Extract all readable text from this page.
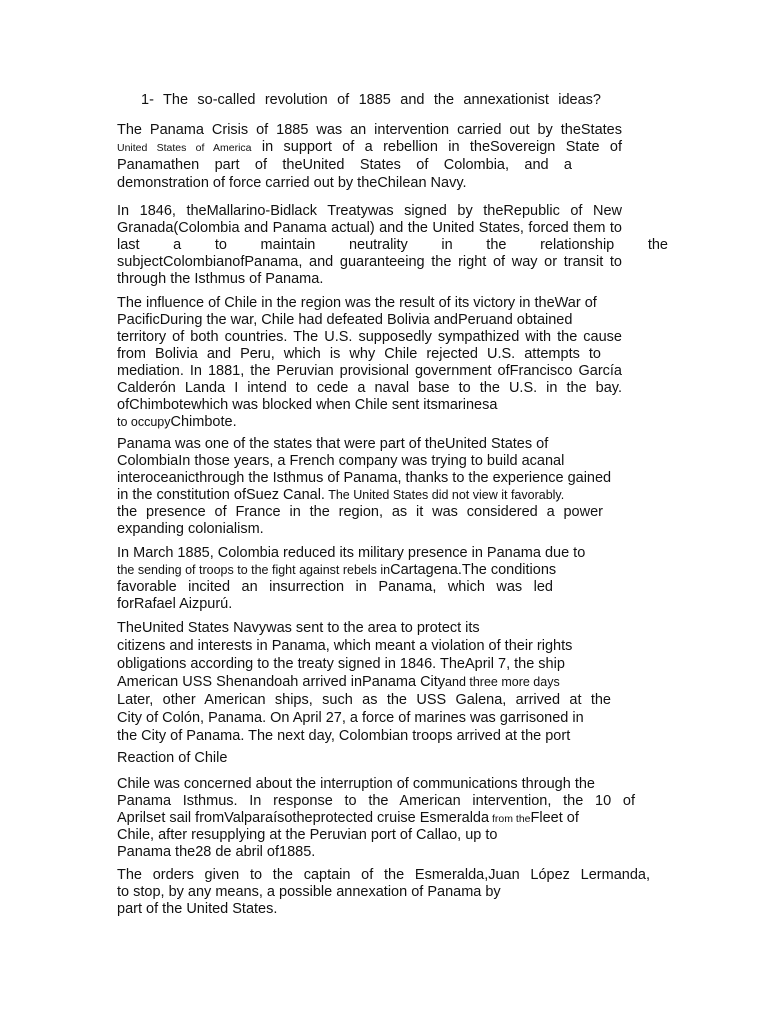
1- The so-called revolution of 1885 and the annexationist ideas?
The Panama Crisis of 1885 was an intervention carried out by theStates
United States of America in support of a rebellion in theSovereign State of
Panamathen part of theUnited States of Colombia, and a
demonstration of force carried out by theChilean Navy.
In 1846, theMallarino-Bidlack Treatywas signed by theRepublic of New
Granada(Colombia and Panama actual) and the United States, forced them to
last a to maintain neutrality in the relationship the
subjectColombianofPanama, and guaranteeing the right of way or transit to
through the Isthmus of Panama.
The influence of Chile in the region was the result of its victory in theWar of
PacificDuring the war, Chile had defeated Bolivia andPeruand obtained
territory of both countries. The U.S. supposedly sympathized with the cause
from Bolivia and Peru, which is why Chile rejected U.S. attempts to
mediation. In 1881, the Peruvian provisional government ofFrancisco García
Calderón Landa I intend to cede a naval base to the U.S. in the bay.
ofChimbotewhich was blocked when Chile sent itsmarinesa
to occupyChimbote.
Panama was one of the states that were part of theUnited States of
ColombiaIn those years, a French company was trying to build acanal
interoceanicthrough the Isthmus of Panama, thanks to the experience gained
in the constitution ofSuez Canal. The United States did not view it favorably.
the presence of France in the region, as it was considered a power
expanding colonialism.
In March 1885, Colombia reduced its military presence in Panama due to
the sending of troops to the fight against rebels inCartagena.The conditions
favorable incited an insurrection in Panama, which was led
forRafael Aizpurú.
TheUnited States Navywas sent to the area to protect its
citizens and interests in Panama, which meant a violation of their rights
obligations according to the treaty signed in 1846. TheApril 7, the ship
American USS Shenandoah arrived inPanama Cityand three more days
Later, other American ships, such as the USS Galena, arrived at the
City of Colón, Panama. On April 27, a force of marines was garrisoned in
the City of Panama. The next day, Colombian troops arrived at the port
Reaction of Chile
Chile was concerned about the interruption of communications through the
Panama Isthmus. In response to the American intervention, the 10 of
Aprilset sail fromValparaísotheprotected cruise Esmeralda from theFleet of
Chile, after resupplying at the Peruvian port of Callao, up to
Panama the28 de abril of1885.
The orders given to the captain of the Esmeralda,Juan López Lermanda,
to stop, by any means, a possible annexation of Panama by
part of the United States.
